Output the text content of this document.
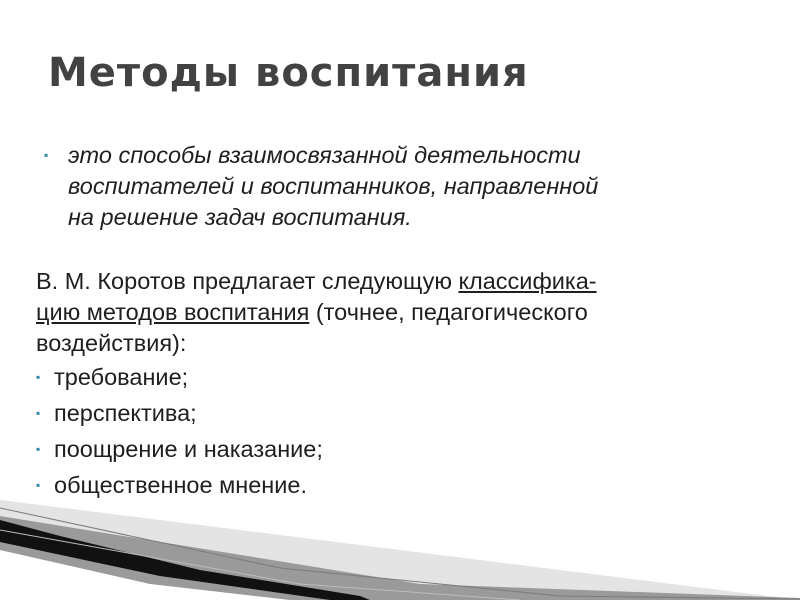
Методы воспитания
▪ это способы взаимосвязанной деятельности
воспитателей и воспитанников, направленной
на решение задач воспитания.

В. М. Коротов предлагает следующую классифика-
цию методов воспитания (точнее, педагогического
воздействия):

▪ требование;
▪ перспектива;
▪ поощрение и наказание;
▪ общественное мнение.
